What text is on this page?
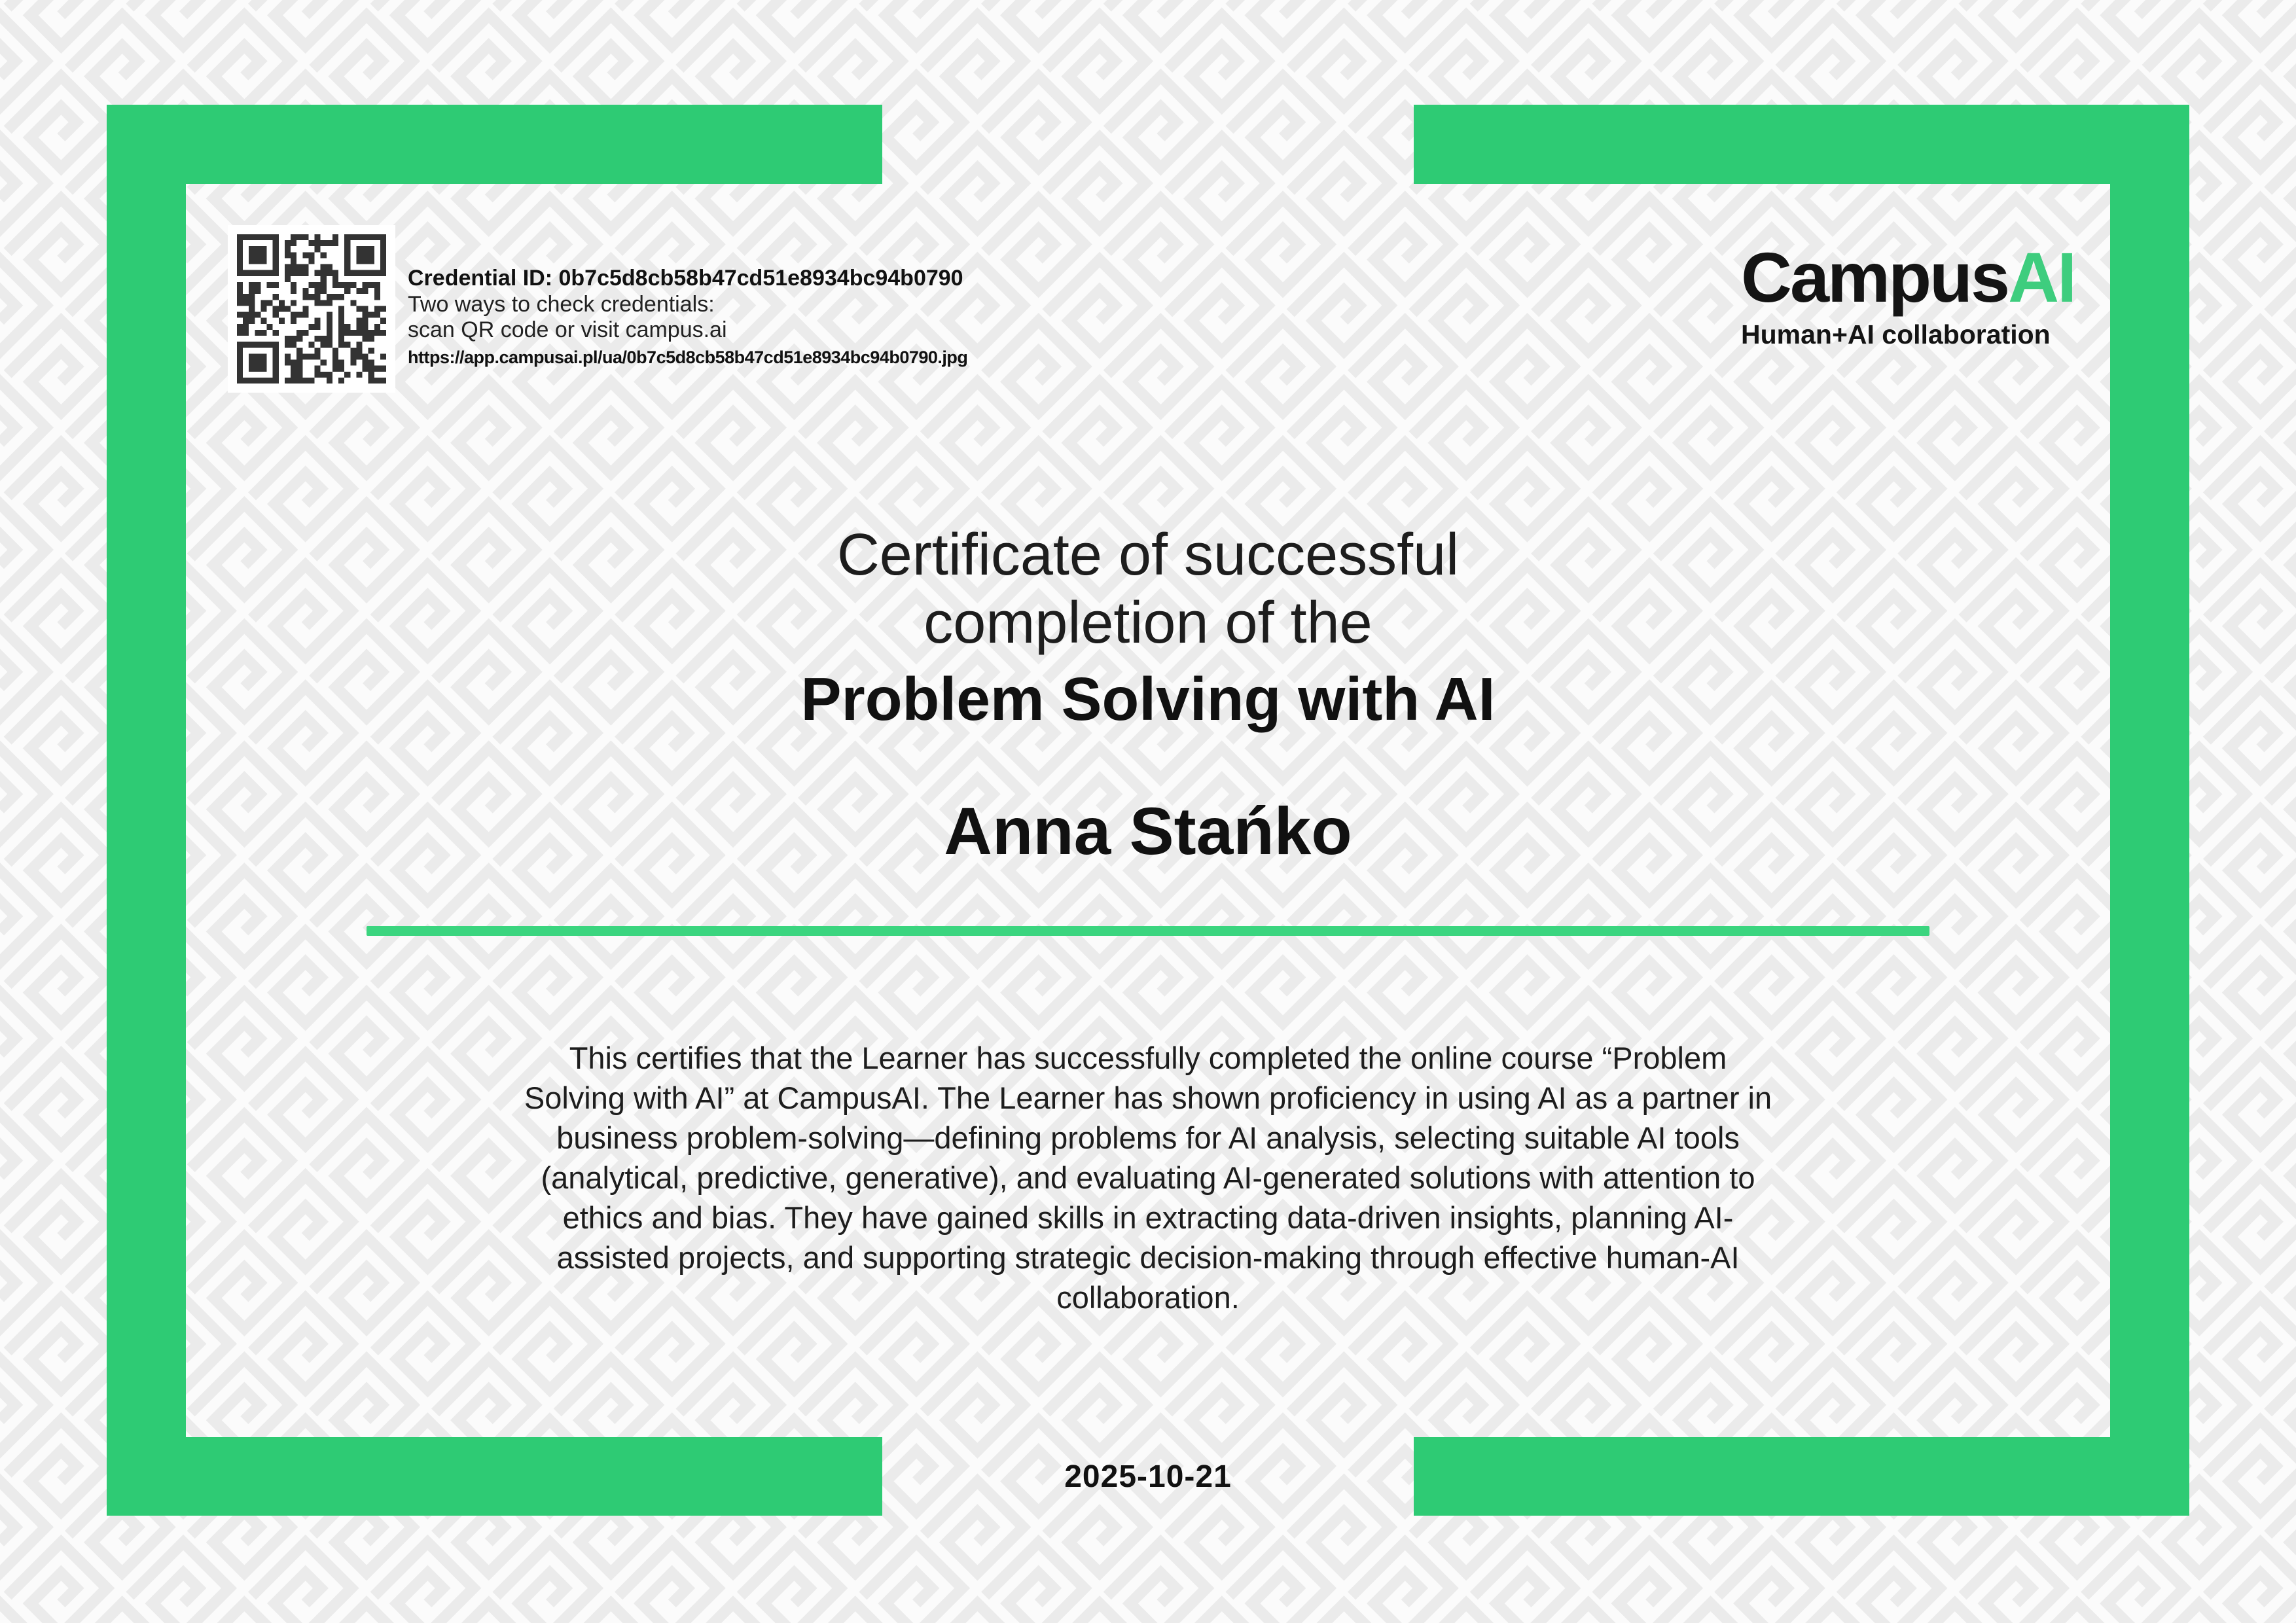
Credential ID: 0b7c5d8cb58b47cd51e8934bc94b0790
Two ways to check credentials:
scan QR code or visit campus.ai
https://app.campusai.pl/ua/0b7c5d8cb58b47cd51e8934bc94b0790.jpg
CampusAI
Human+AI collaboration
Certificate of successful
completion of the
Problem Solving with AI
Anna Stańko
This certifies that the Learner has successfully completed the online course “Problem
Solving with AI” at CampusAI. The Learner has shown proficiency in using AI as a partner in
business problem-solving—defining problems for AI analysis, selecting suitable AI tools
(analytical, predictive, generative), and evaluating AI-generated solutions with attention to
ethics and bias. They have gained skills in extracting data-driven insights, planning AI-
assisted projects, and supporting strategic decision-making through effective human-AI
collaboration.
2025-10-21
